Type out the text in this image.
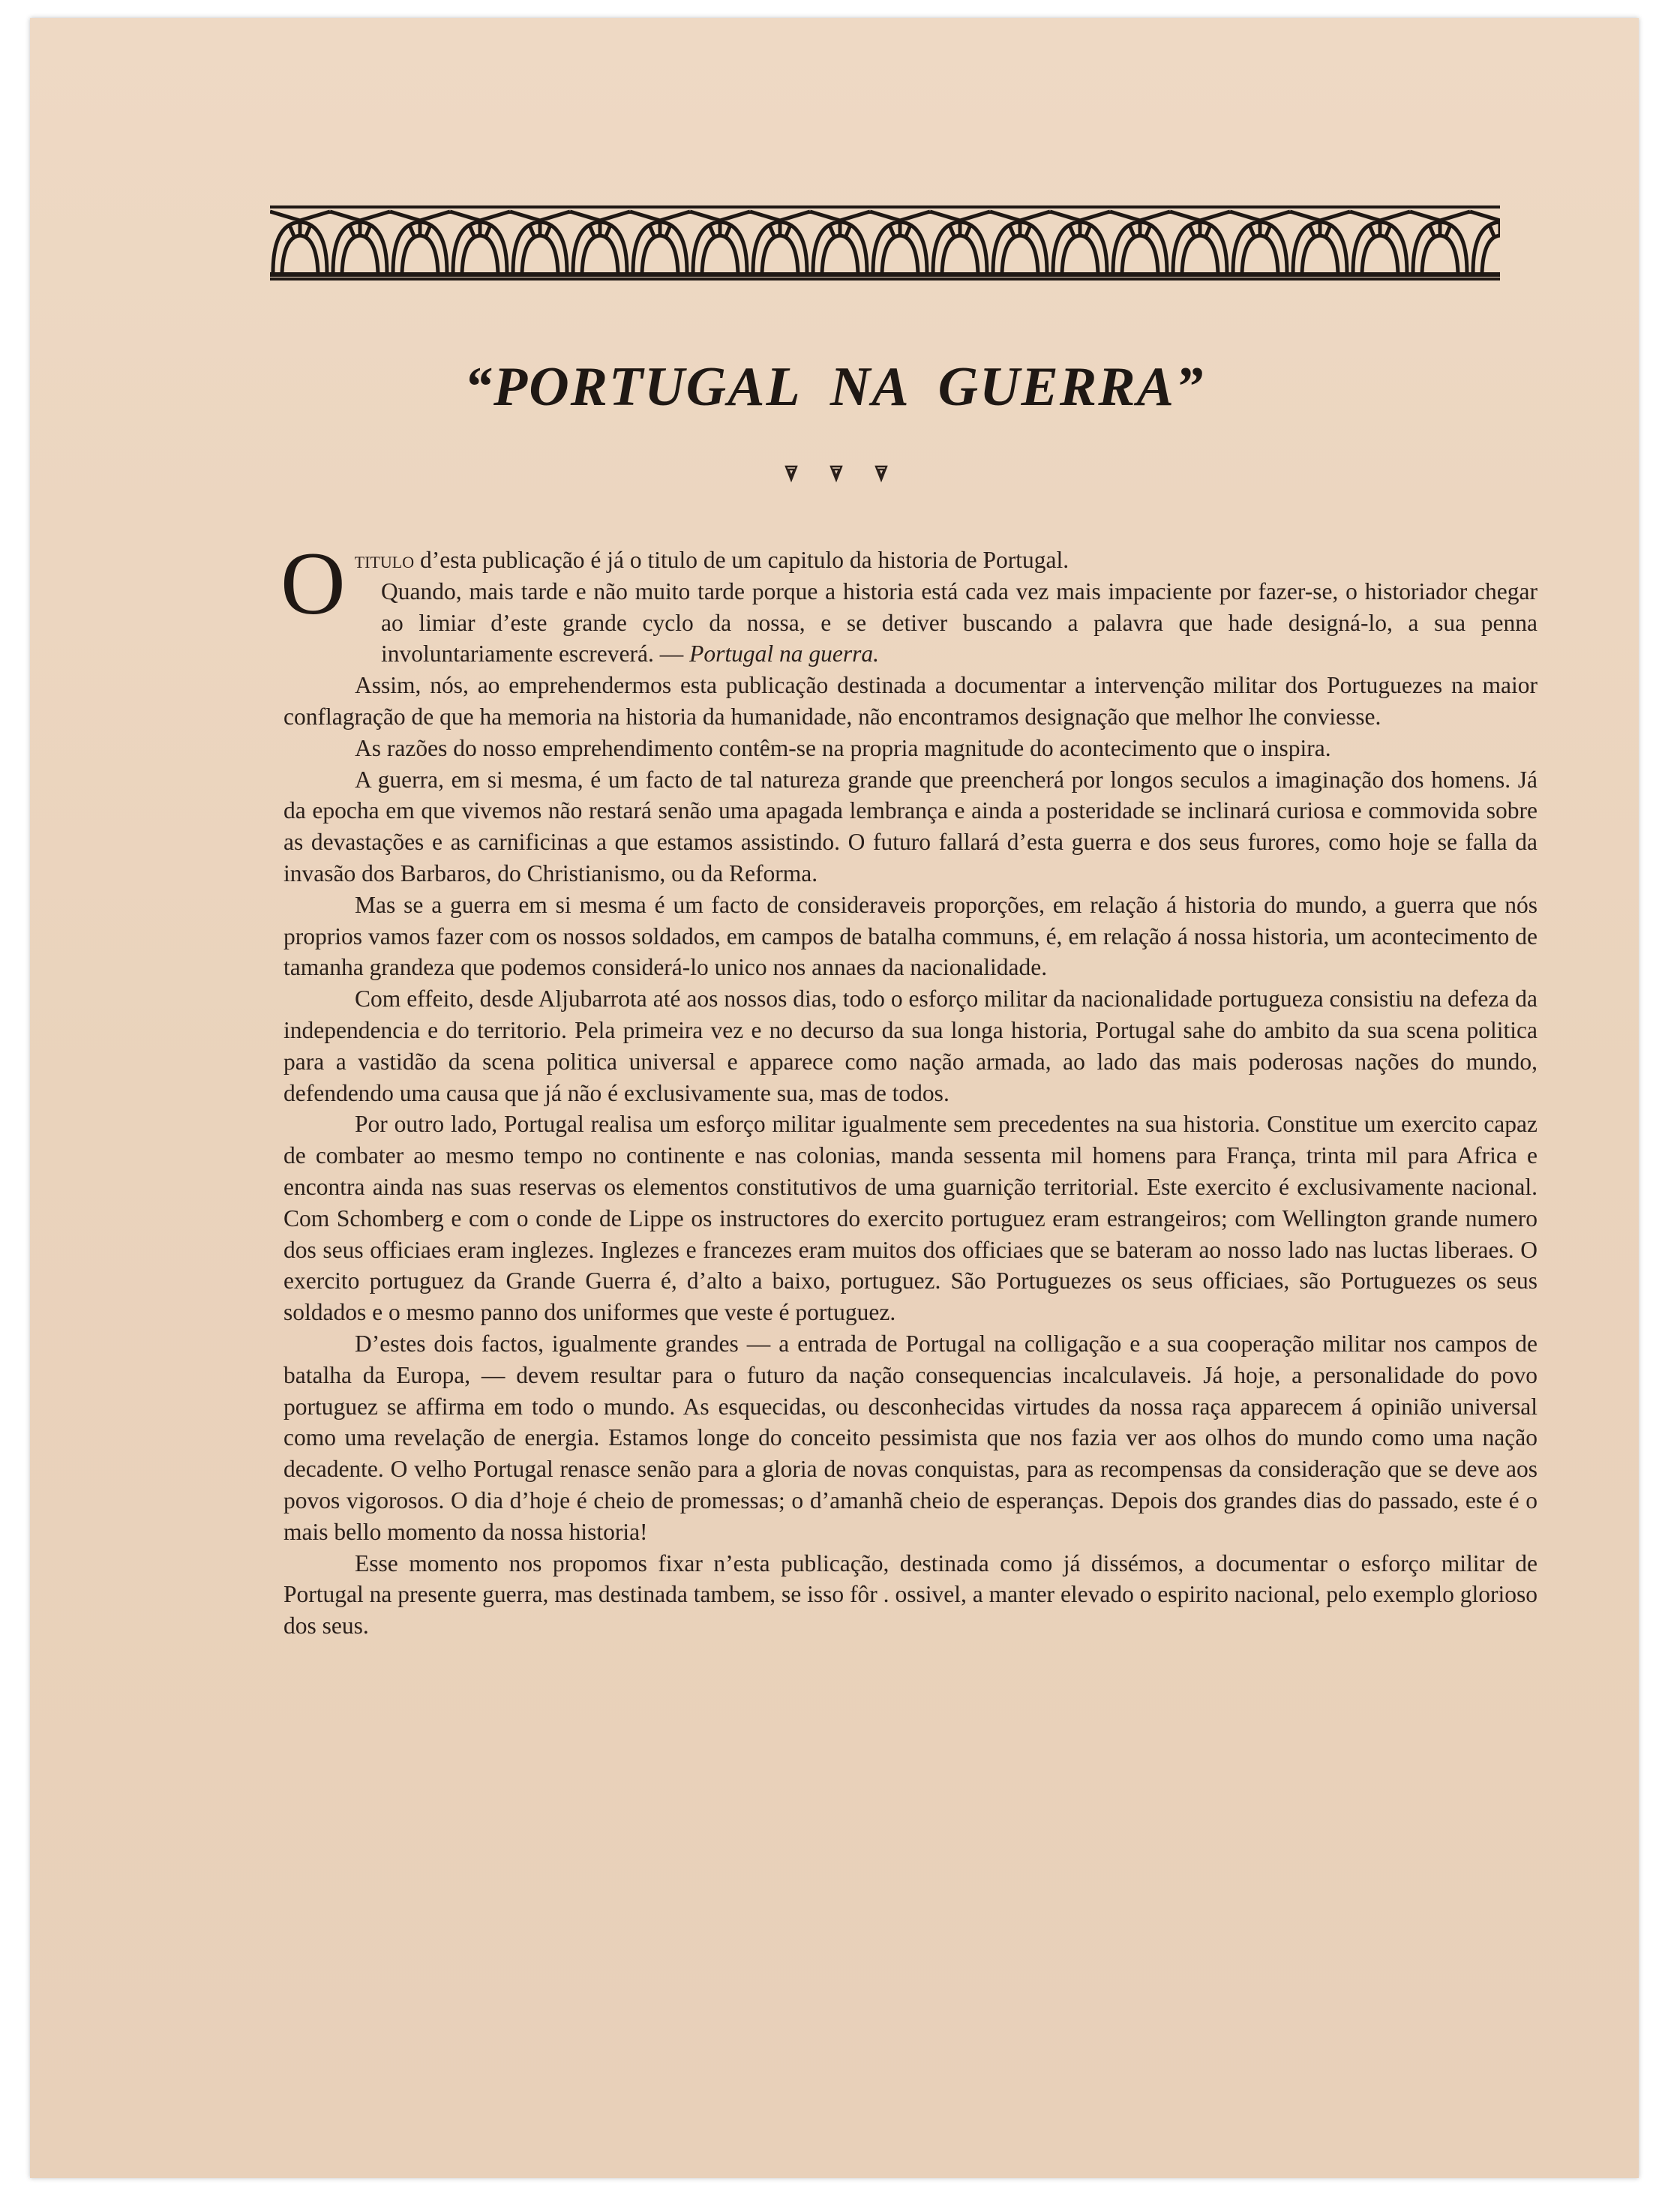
“PORTUGAL  NA  GUERRA”

Otitulo d’esta publicação é já o titulo de um capitulo da historia de Portugal.

Quando, mais tarde e não muito tarde porque a historia está cada vez mais impaciente por fazer-se, o historiador chegar ao limiar d’este grande cyclo da nossa, e se detiver buscando a palavra que hade designá-lo, a sua penna involuntariamente escreverá. — Portugal na guerra.

Assim, nós, ao emprehendermos esta publicação destinada a documentar a intervenção militar dos Portuguezes na maior conflagração de que ha memoria na historia da humanidade, não encontramos designação que melhor lhe conviesse.

As razões do nosso emprehendimento contêm-se na propria magnitude do acontecimento que o inspira.

A guerra, em si mesma, é um facto de tal natureza grande que preencherá por longos seculos a imaginação dos homens. Já da epocha em que vivemos não restará senão uma apagada lembrança e ainda a posteridade se inclinará curiosa e commovida sobre as devastações e as carnificinas a que estamos assistindo. O futuro fallará d’esta guerra e dos seus furores, como hoje se falla da invasão dos Barbaros, do Christianismo, ou da Reforma.

Mas se a guerra em si mesma é um facto de consideraveis proporções, em relação á historia do mundo, a guerra que nós proprios vamos fazer com os nossos soldados, em campos de batalha communs, é, em relação á nossa historia, um acontecimento de tamanha grandeza que podemos considerá-lo unico nos annaes da nacionalidade.

Com effeito, desde Aljubarrota até aos nossos dias, todo o esforço militar da nacionalidade portugueza consistiu na defeza da independencia e do territorio. Pela primeira vez e no decurso da sua longa historia, Portugal sahe do ambito da sua scena politica para a vastidão da scena politica universal e apparece como nação armada, ao lado das mais poderosas nações do mundo, defendendo uma causa que já não é exclusivamente sua, mas de todos.

Por outro lado, Portugal realisa um esforço militar igualmente sem precedentes na sua historia. Constitue um exercito capaz de combater ao mesmo tempo no continente e nas colonias, manda sessenta mil homens para França, trinta mil para Africa e encontra ainda nas suas reservas os elementos constitutivos de uma guarnição territorial. Este exercito é exclusivamente nacional. Com Schomberg e com o conde de Lippe os instructores do exercito portuguez eram estrangeiros; com Wellington grande numero dos seus officiaes eram inglezes. Inglezes e francezes eram muitos dos officiaes que se bateram ao nosso lado nas luctas liberaes. O exercito portuguez da Grande Guerra é, d’alto a baixo, portuguez. São Portuguezes os seus officiaes, são Portuguezes os seus soldados e o mesmo panno dos uniformes que veste é portuguez.

D’estes dois factos, igualmente grandes — a entrada de Portugal na colligação e a sua cooperação militar nos campos de batalha da Europa, — devem resultar para o futuro da nação consequencias incalculaveis. Já hoje, a personalidade do povo portuguez se affirma em todo o mundo. As esquecidas, ou desconhecidas virtudes da nossa raça apparecem á opinião universal como uma revelação de energia. Estamos longe do conceito pessimista que nos fazia ver aos olhos do mundo como uma nação decadente. O velho Portugal renasce senão para a gloria de novas conquistas, para as recompensas da consideração que se deve aos povos vigorosos. O dia d’hoje é cheio de promessas; o d’amanhã cheio de esperanças. Depois dos grandes dias do passado, este é o mais bello momento da nossa historia!

Esse momento nos propomos fixar n’esta publicação, destinada como já dissémos, a documentar o esforço militar de Portugal na presente guerra, mas destinada tambem, se isso fôr . ossivel, a manter elevado o espirito nacional, pelo exemplo glorioso dos seus.
